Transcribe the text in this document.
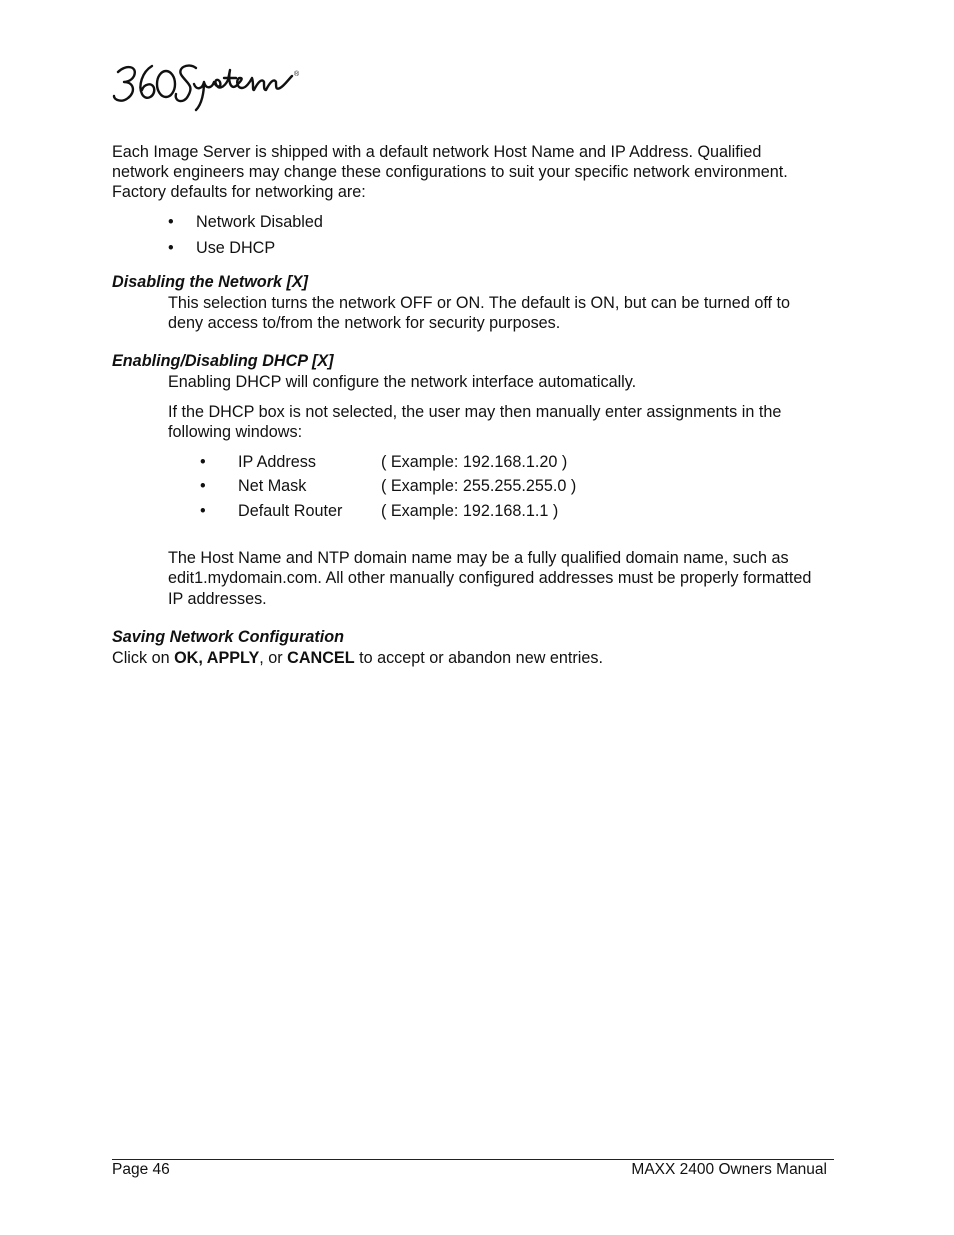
®
Each Image Server is shipped with a default network Host Name and IP Address. Qualified
network engineers may change these configurations to suit your specific network environment.
Factory defaults for networking are:
• Network Disabled
• Use DHCP
Disabling the Network [X]
This selection turns the network OFF or ON. The default is ON, but can be turned off to
deny access to/from the network for security purposes.
Enabling/Disabling DHCP [X]
Enabling DHCP will configure the network interface automatically.
If the DHCP box is not selected, the user may then manually enter assignments in the
following windows:
• IP Address	( Example: 192.168.1.20 )
• Net Mask	( Example: 255.255.255.0 )
• Default Router ( Example: 192.168.1.1 )
The Host Name and NTP domain name may be a fully qualified domain name, such as
edit1.mydomain.com. All other manually configured addresses must be properly formatted
IP addresses.
Saving Network Configuration
Click on OK, APPLY, or CANCEL to accept or abandon new entries.
Page 46	MAXX 2400 Owners Manual
